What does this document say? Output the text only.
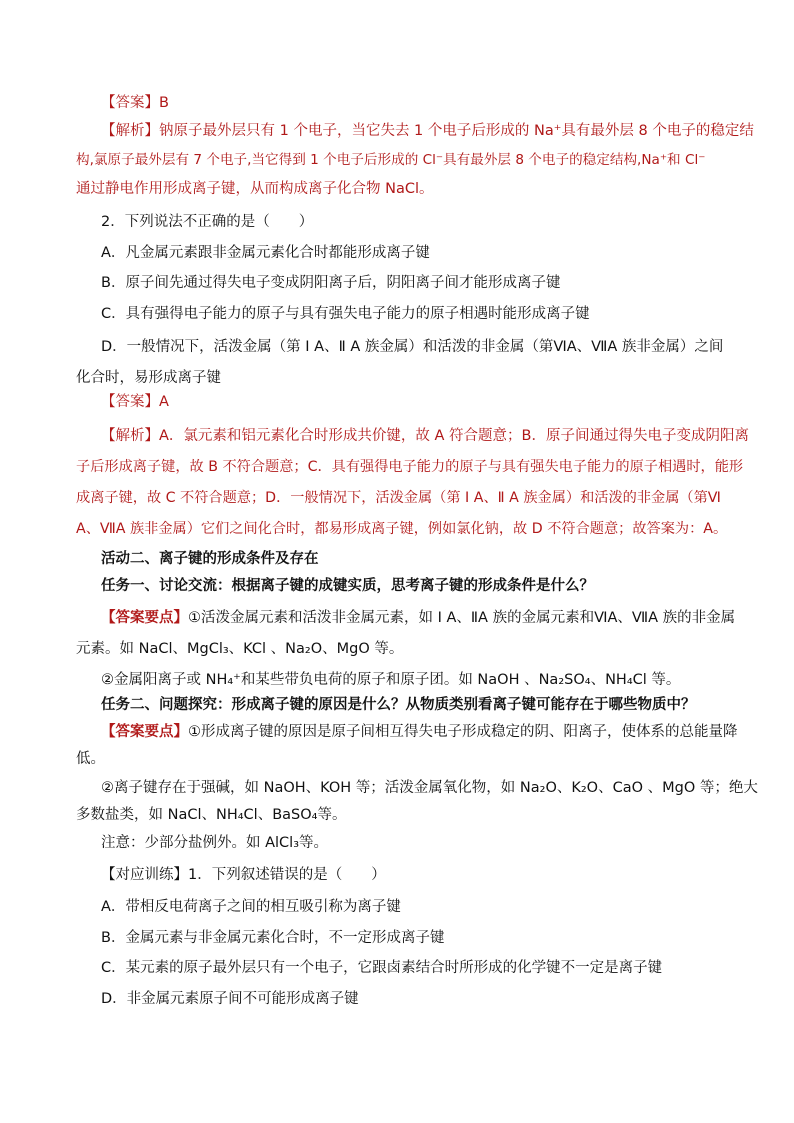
【答案】B
【解析】钠原子最外层只有 1 个电子，当它失去 1 个电子后形成的 Na⁺具有最外层 8 个电子的稳定结
构,氯原子最外层有 7 个电子,当它得到 1 个电子后形成的 Cl⁻具有最外层 8 个电子的稳定结构,Na⁺和 Cl⁻
通过静电作用形成离子键，从而构成离子化合物 NaCl。
2．下列说法不正确的是（　　）
A．凡金属元素跟非金属元素化合时都能形成离子键
B．原子间先通过得失电子变成阴阳离子后，阴阳离子间才能形成离子键
C．具有强得电子能力的原子与具有强失电子能力的原子相遇时能形成离子键
D．一般情况下，活泼金属（第 Ⅰ A、Ⅱ A 族金属）和活泼的非金属（第ⅥA、ⅦA 族非金属）之间
化合时，易形成离子键
【答案】A
【解析】A．氯元素和铝元素化合时形成共价键，故 A 符合题意；B．原子间通过得失电子变成阴阳离
子后形成离子键，故 B 不符合题意；C．具有强得电子能力的原子与具有强失电子能力的原子相遇时，能形
成离子键，故 C 不符合题意；D．一般情况下，活泼金属（第 Ⅰ A、Ⅱ A 族金属）和活泼的非金属（第Ⅵ
A、ⅦA 族非金属）它们之间化合时，都易形成离子键，例如氯化钠，故 D 不符合题意；故答案为：A。
活动二、离子键的形成条件及存在
任务一、讨论交流：根据离子键的成键实质，思考离子键的形成条件是什么？
【答案要点】①活泼金属元素和活泼非金属元素，如 I A、ⅡA 族的金属元素和ⅥA、ⅦA 族的非金属
元素。如 NaCl、MgCl₃、KCl 、Na₂O、MgO 等。
②金属阳离子或 NH₄⁺和某些带负电荷的原子和原子团。如 NaOH 、Na₂SO₄、NH₄Cl 等。
任务二、问题探究：形成离子键的原因是什么？从物质类别看离子键可能存在于哪些物质中？
【答案要点】①形成离子键的原因是原子间相互得失电子形成稳定的阴、阳离子，使体系的总能量降
低。
②离子键存在于强碱，如 NaOH、KOH 等；活泼金属氧化物，如 Na₂O、K₂O、CaO 、MgO 等；绝大
多数盐类，如 NaCl、NH₄Cl、BaSO₄等。
注意：少部分盐例外。如 AlCl₃等。
【对应训练】1．下列叙述错误的是（　　）
A．带相反电荷离子之间的相互吸引称为离子键
B．金属元素与非金属元素化合时，不一定形成离子键
C．某元素的原子最外层只有一个电子，它跟卤素结合时所形成的化学键不一定是离子键
D．非金属元素原子间不可能形成离子键
